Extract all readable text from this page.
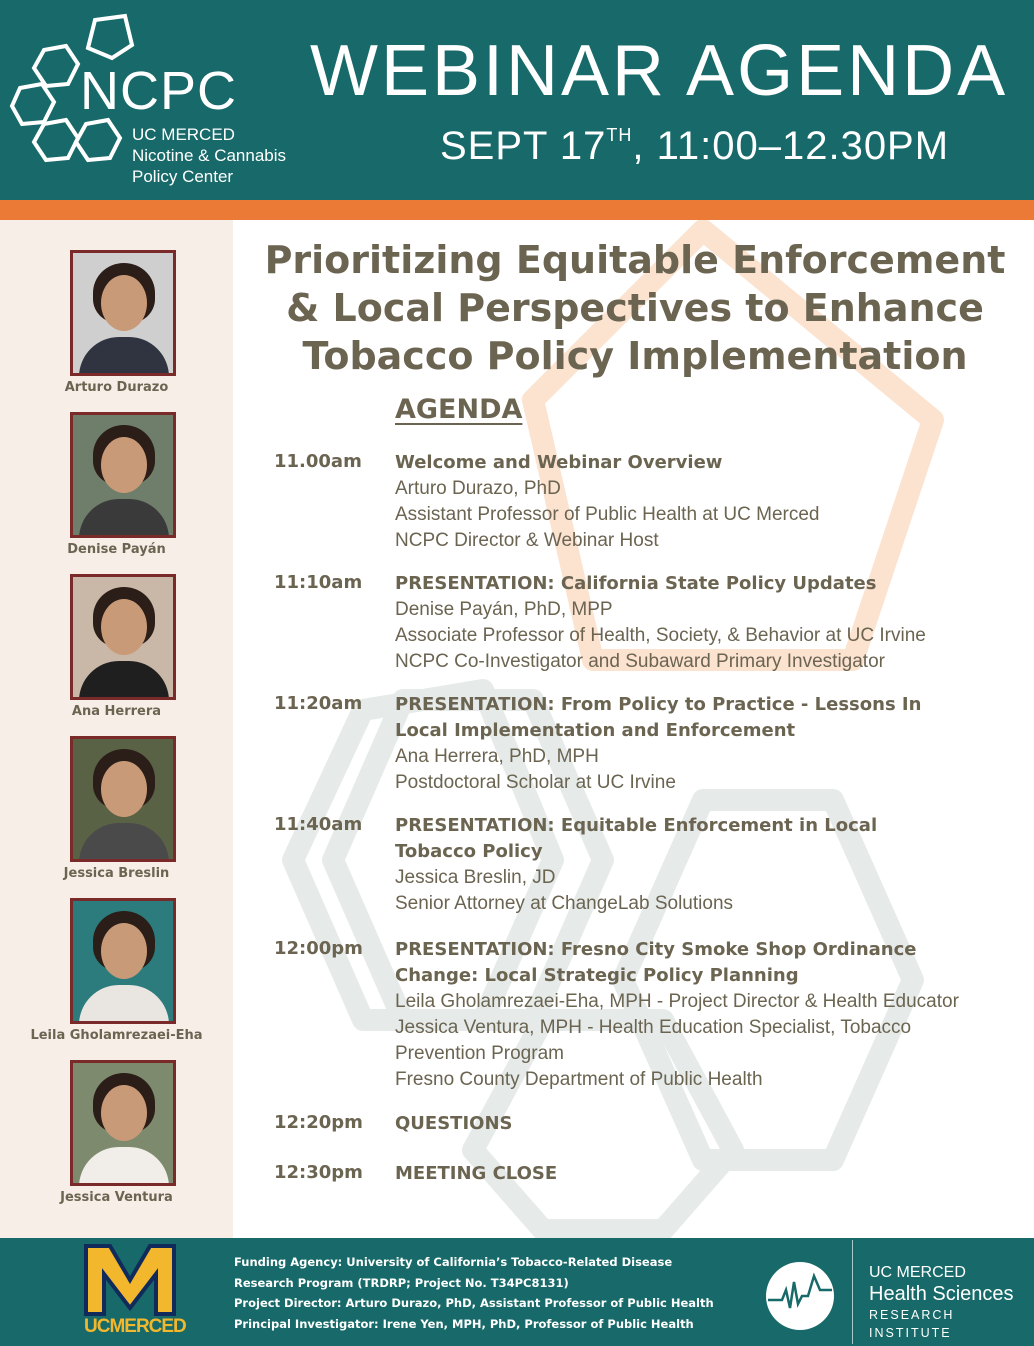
NCPC
UC MERCED
Nicotine & Cannabis
Policy Center
WEBINAR AGENDA
SEPT 17TH, 11:00–12.30PM
Arturo Durazo
Denise Payán
Ana Herrera
Jessica Breslin
Leila Gholamrezaei-Eha
Jessica Ventura
Prioritizing Equitable Enforcement
& Local Perspectives to Enhance
Tobacco Policy Implementation
AGENDA
11.00am Welcome and Webinar Overview
Arturo Durazo, PhD
Assistant Professor of Public Health at UC Merced
NCPC Director & Webinar Host
11:10am PRESENTATION: California State Policy Updates
Denise Payán, PhD, MPP
Associate Professor of Health, Society, & Behavior at UC Irvine
NCPC Co-Investigator and Subaward Primary Investigator
11:20am PRESENTATION: From Policy to Practice - Lessons In
Local Implementation and Enforcement
Ana Herrera, PhD, MPH
Postdoctoral Scholar at UC Irvine
11:40am PRESENTATION: Equitable Enforcement in Local
Tobacco Policy
Jessica Breslin, JD
Senior Attorney at ChangeLab Solutions
12:00pm PRESENTATION: Fresno City Smoke Shop Ordinance
Change: Local Strategic Policy Planning
Leila Gholamrezaei-Eha, MPH - Project Director & Health Educator
Jessica Ventura, MPH - Health Education Specialist, Tobacco
Prevention Program
Fresno County Department of Public Health
12:20pm QUESTIONS
12:30pm MEETING CLOSE
UCMERCED
Funding Agency: University of California’s Tobacco-Related Disease
Research Program (TRDRP; Project No. T34PC8131)
Project Director: Arturo Durazo, PhD, Assistant Professor of Public Health
Principal Investigator: Irene Yen, MPH, PhD, Professor of Public Health
UC MERCED
Health Sciences
RESEARCH INSTITUTE
